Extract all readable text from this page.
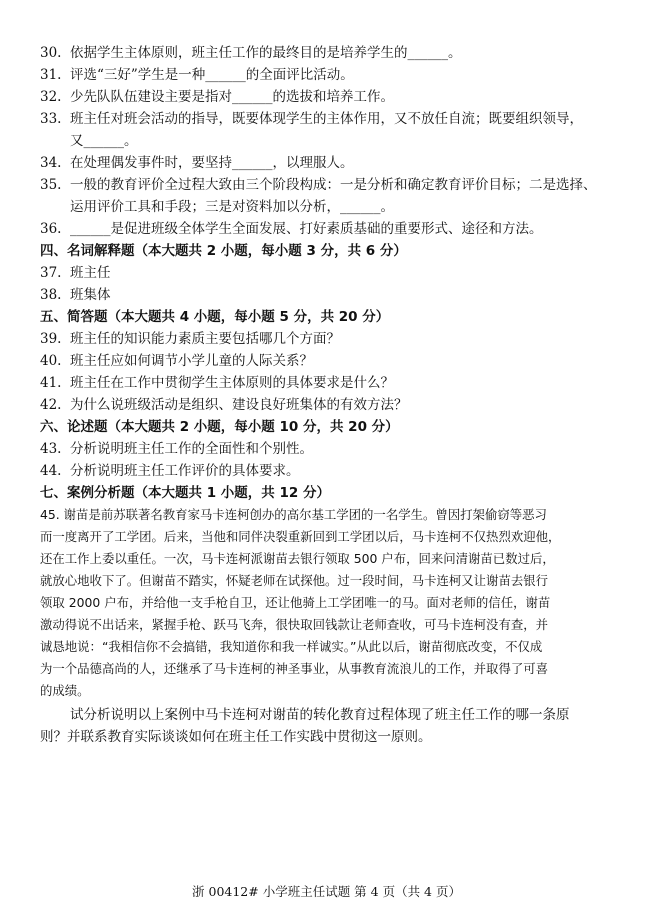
30. 依据学生主体原则，班主任工作的最终目的是培养学生的______。
31. 评选“三好”学生是一种______的全面评比活动。
32. 少先队队伍建设主要是指对______的选拔和培养工作。
33. 班主任对班会活动的指导，既要体现学生的主体作用，又不放任自流；既要组织领导，
又______。
34. 在处理偶发事件时，要坚持______，以理服人。
35. 一般的教育评价全过程大致由三个阶段构成：一是分析和确定教育评价目标；二是选择、
运用评价工具和手段；三是对资料加以分析，______。
36. ______是促进班级全体学生全面发展、打好素质基础的重要形式、途径和方法。
四、名词解释题（本大题共 2 小题，每小题 3 分，共 6 分）
37. 班主任
38. 班集体
五、简答题（本大题共 4 小题，每小题 5 分，共 20 分）
39. 班主任的知识能力素质主要包括哪几个方面？
40. 班主任应如何调节小学儿童的人际关系？
41. 班主任在工作中贯彻学生主体原则的具体要求是什么？
42. 为什么说班级活动是组织、建设良好班集体的有效方法？
六、论述题（本大题共 2 小题，每小题 10 分，共 20 分）
43. 分析说明班主任工作的全面性和个别性。
44. 分析说明班主任工作评价的具体要求。
七、案例分析题（本大题共 1 小题，共 12 分）
45. 谢苗是前苏联著名教育家马卡连柯创办的高尔基工学团的一名学生。曾因打架偷窃等恶习
而一度离开了工学团。后来，当他和同伴决裂重新回到工学团以后，马卡连柯不仅热烈欢迎他，
还在工作上委以重任。一次，马卡连柯派谢苗去银行领取 500 户布，回来问清谢苗已数过后，
就放心地收下了。但谢苗不踏实，怀疑老师在试探他。过一段时间，马卡连柯又让谢苗去银行
领取 2000 户布，并给他一支手枪自卫，还让他骑上工学团唯一的马。面对老师的信任，谢苗
激动得说不出话来，紧握手枪、跃马飞奔，很快取回钱款让老师查收，可马卡连柯没有查，并
诚恳地说：“我相信你不会搞错，我知道你和我一样诚实。”从此以后，谢苗彻底改变，不仅成
为一个品德高尚的人，还继承了马卡连柯的神圣事业，从事教育流浪儿的工作，并取得了可喜
的成绩。
试分析说明以上案例中马卡连柯对谢苗的转化教育过程体现了班主任工作的哪一条原
则？并联系教育实际谈谈如何在班主任工作实践中贯彻这一原则。
浙 00412# 小学班主任试题 第 4 页（共 4 页）
